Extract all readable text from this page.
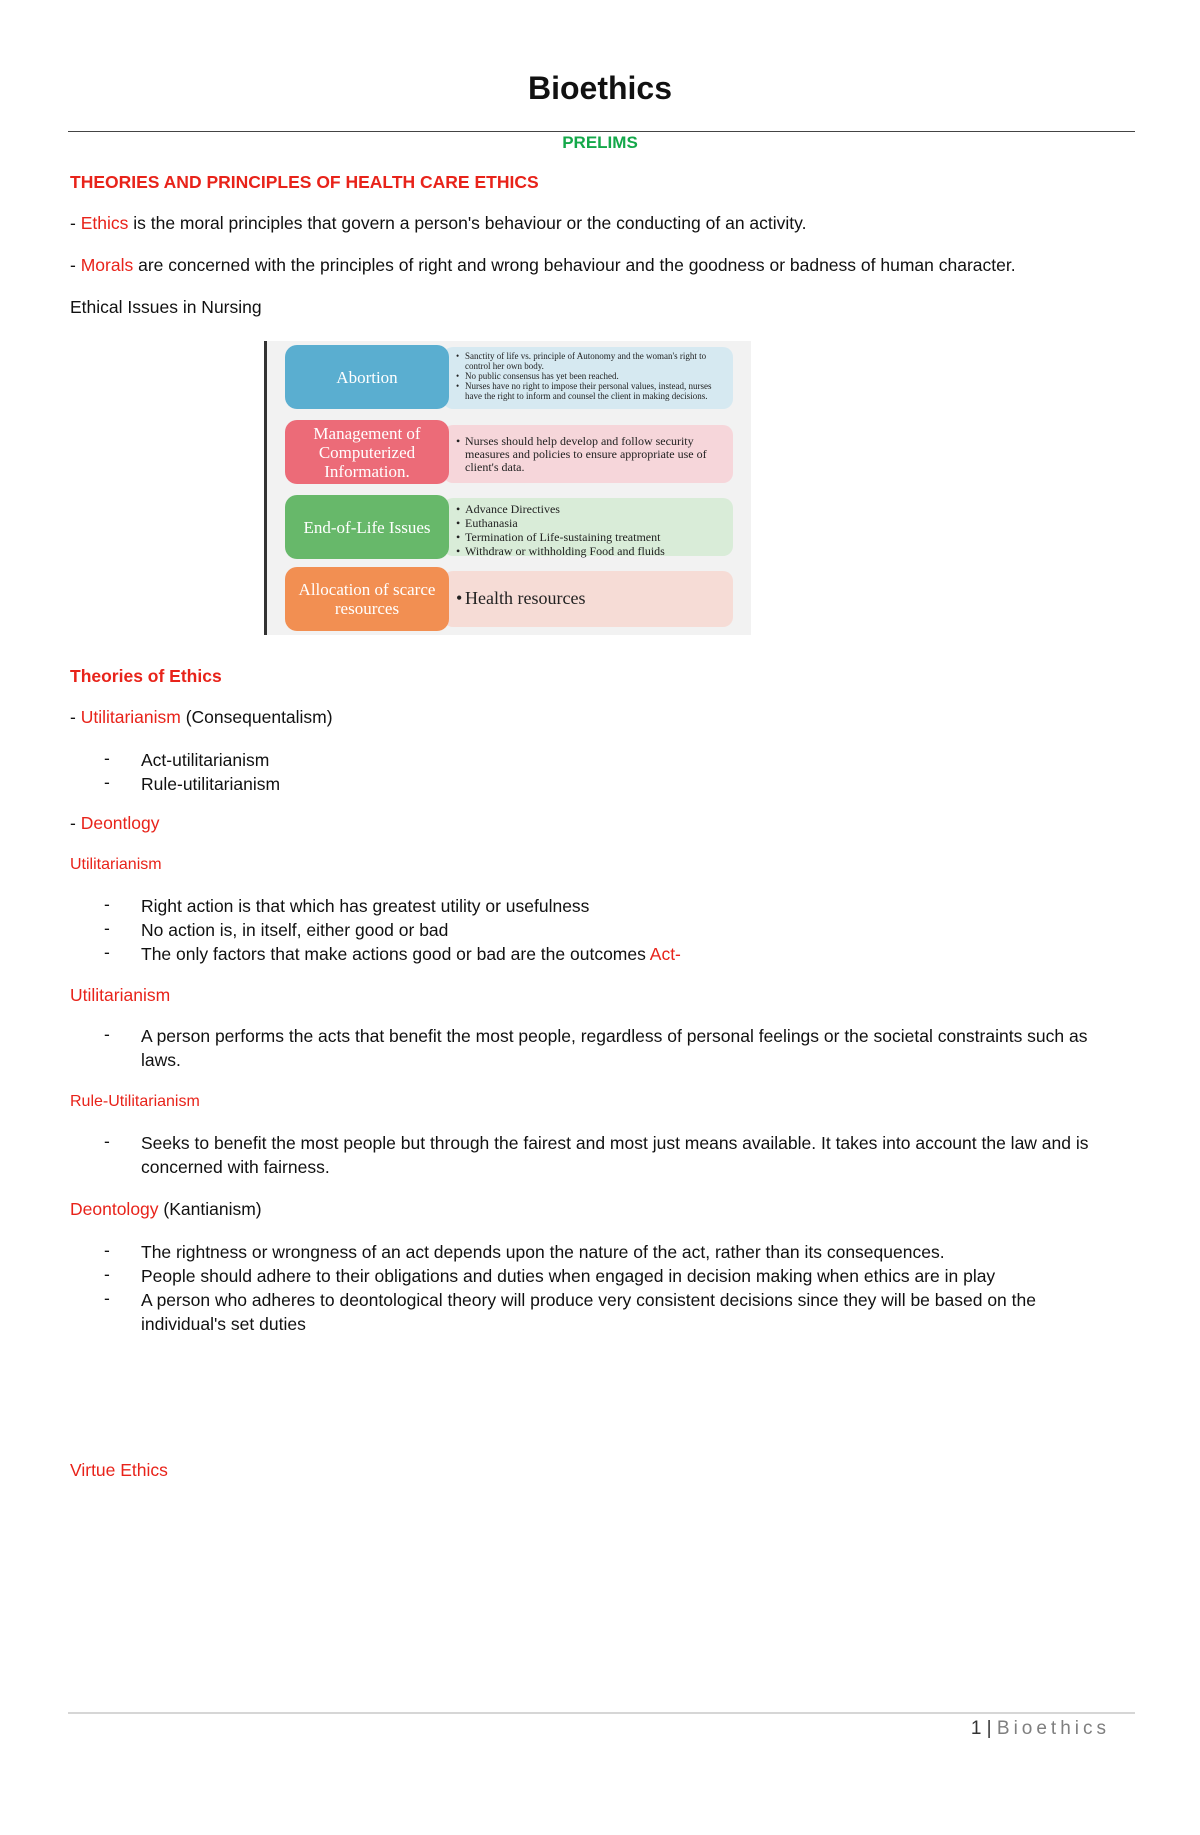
Bioethics
PRELIMS
THEORIES AND PRINCIPLES OF HEALTH CARE ETHICS
- Ethics is the moral principles that govern a person's behaviour or the conducting of an activity.
- Morals are concerned with the principles of right and wrong behaviour and the goodness or badness of human character.
Ethical Issues in Nursing
• Sanctity of life vs. principle of Autonomy and the woman's right to control her own body.
• No public consensus has yet been reached.
• Nurses have no right to impose their personal values, instead, nurses have the right to inform and counsel the client in making decisions.
Abortion
• Nurses should help develop and follow security measures and policies to ensure appropriate use of client's data.
Management of Computerized Information.
• Advance Directives
• Euthanasia
• Termination of Life-sustaining treatment
• Withdraw or withholding Food and fluids
End-of-Life Issues
• Health resources
Allocation of scarce resources
Theories of Ethics
- Utilitarianism (Consequentalism)
-	Act-utilitarianism
-	Rule-utilitarianism
- Deontlogy
Utilitarianism
-	Right action is that which has greatest utility or usefulness
-	No action is, in itself, either good or bad
-	The only factors that make actions good or bad are the outcomes Act-
Utilitarianism
-	A person performs the acts that benefit the most people, regardless of personal feelings or the societal constraints such as laws.
Rule-Utilitarianism
-	Seeks to benefit the most people but through the fairest and most just means available. It takes into account the law and is concerned with fairness.
Deontology (Kantianism)
-	The rightness or wrongness of an act depends upon the nature of the act, rather than its consequences.
-	People should adhere to their obligations and duties when engaged in decision making when ethics are in play
-	A person who adheres to deontological theory will produce very consistent decisions since they will be based on the individual's set duties
Virtue Ethics
1 | Bioethics
